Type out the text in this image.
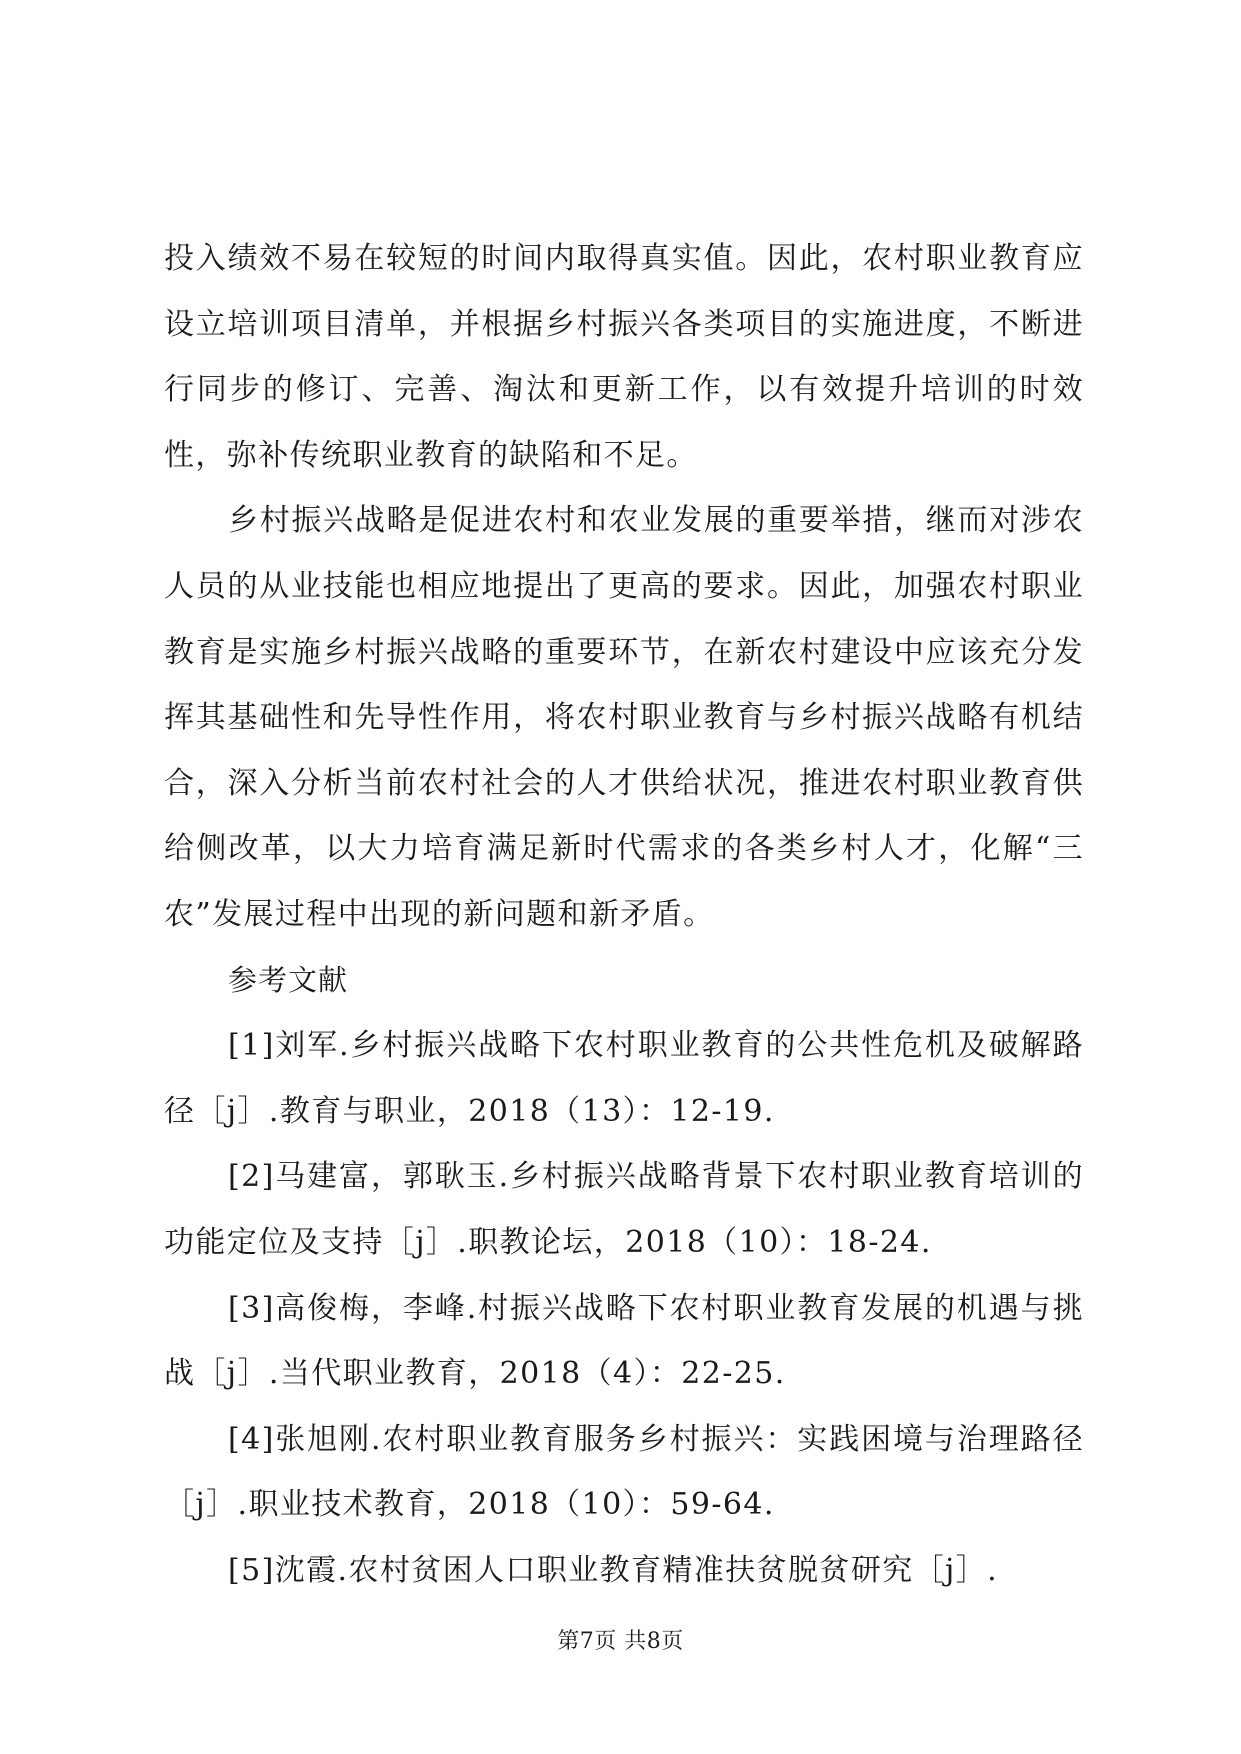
投入绩效不易在较短的时间内取得真实值。因此，农村职业教育应设立培训项目清单，并根据乡村振兴各类项目的实施进度，不断进行同步的修订、完善、淘汰和更新工作，以有效提升培训的时效性，弥补传统职业教育的缺陷和不足。

乡村振兴战略是促进农村和农业发展的重要举措，继而对涉农人员的从业技能也相应地提出了更高的要求。因此，加强农村职业教育是实施乡村振兴战略的重要环节，在新农村建设中应该充分发挥其基础性和先导性作用，将农村职业教育与乡村振兴战略有机结合，深入分析当前农村社会的人才供给状况，推进农村职业教育供给侧改革，以大力培育满足新时代需求的各类乡村人才，化解“三农”发展过程中出现的新问题和新矛盾。

参考文献

[1]刘军.乡村振兴战略下农村职业教育的公共性危机及破解路径［j］.教育与职业，2018（13）：12-19.

[2]马建富，郭耿玉.乡村振兴战略背景下农村职业教育培训的功能定位及支持［j］.职教论坛，2018（10）：18-24.

[3]高俊梅，李峰.村振兴战略下农村职业教育发展的机遇与挑战［j］.当代职业教育，2018（4）：22-25.

[4]张旭刚.农村职业教育服务乡村振兴：实践困境与治理路径［j］.职业技术教育，2018（10）：59-64.

[5]沈霞.农村贫困人口职业教育精准扶贫脱贫研究［j］.

第7页 共8页
